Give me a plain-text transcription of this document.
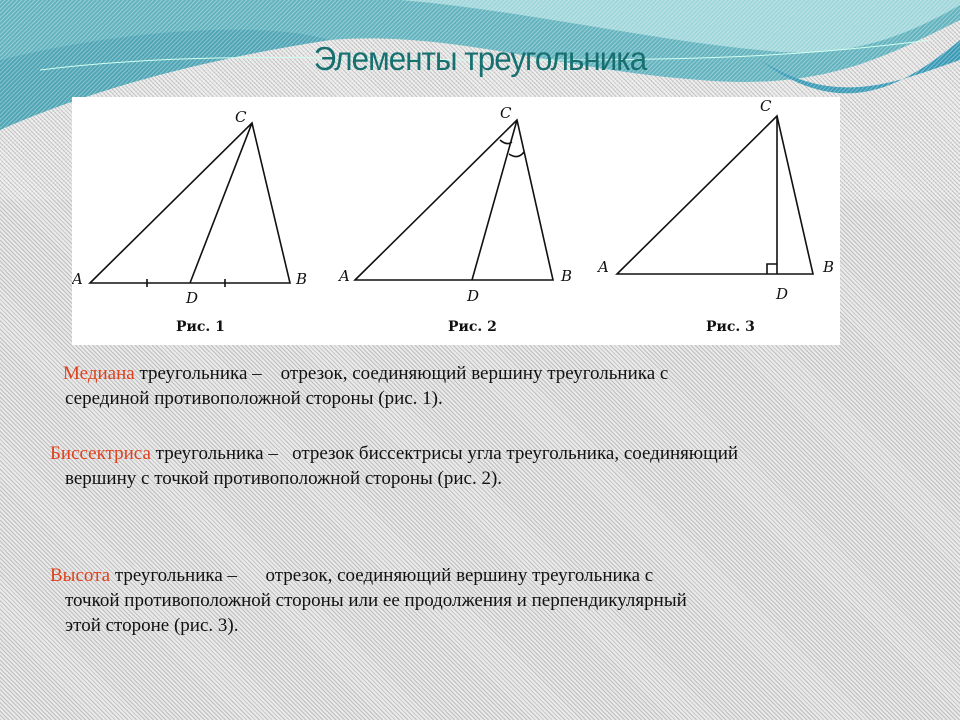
Элементы треугольника
A	B
C
D
Рис. 1
A	B
C
D
Рис. 2
A	B
C
D
Рис. 3
Медиана треугольника –    отрезок, соединяющий вершину треугольника с
серединой противоположной стороны (рис. 1).
Биссектриса треугольника –   отрезок биссектрисы угла треугольника, соединяющий
вершину с точкой противоположной стороны (рис. 2).
Высота треугольника –      отрезок, соединяющий вершину треугольника с
точкой противоположной стороны или ее продолжения и перпендикулярный
этой стороне (рис. 3).
